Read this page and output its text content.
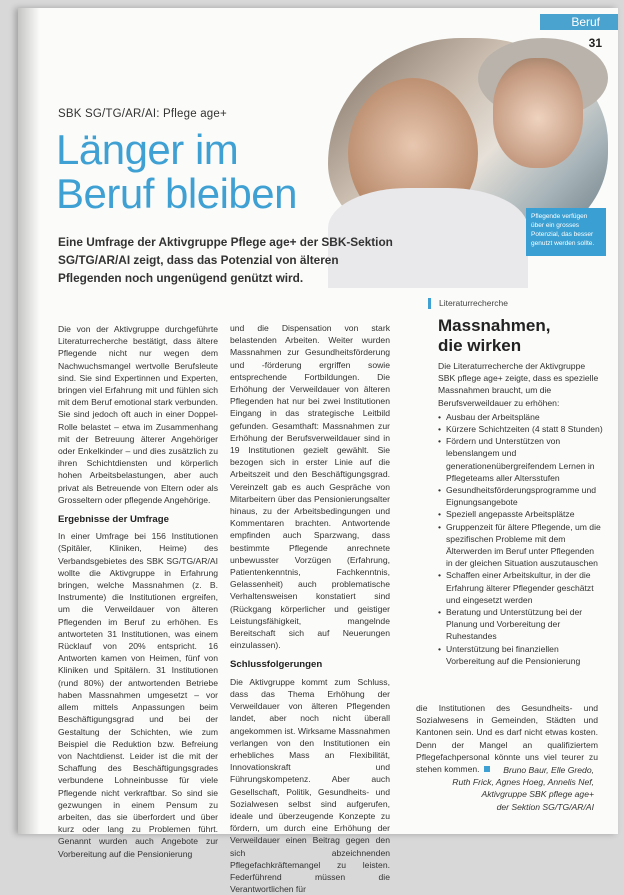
Beruf
31
Pflegende verfügen über ein grosses Potenzial, das besser genutzt werden sollte.
SBK SG/TG/AR/AI: Pflege age+
Länger im
Beruf bleiben

Eine Umfrage der Aktivgruppe Pflege age+ der SBK-Sektion SG/TG/AR/AI zeigt, dass das Potenzial von älteren Pflegenden noch ungenügend genützt wird.

Die von der Aktivgruppe durchgeführte Literaturrecherche bestätigt, dass ältere Pflegende nicht nur wegen dem Nachwuchsmangel wertvolle Berufsleute sind. Sie sind Expertinnen und Experten, bringen viel Erfahrung mit und fühlen sich mit dem Beruf emotional stark verbunden. Sie sind jedoch oft auch in einer Doppel-Rolle belastet – etwa im Zusammenhang mit der Betreuung älterer Angehöriger oder Enkelkinder – und dies zusätzlich zu ihren Schichtdiensten und körperlich hohen Arbeitsbelastungen, aber auch privat als Betreuende von Eltern oder als Grosseltern oder pflegende Angehörige.

Ergebnisse der Umfrage

In einer Umfrage bei 156 Institutionen (Spitäler, Kliniken, Heime) des Verbandsgebietes des SBK SG/TG/AR/AI wollte die Aktivgruppe in Erfahrung bringen, welche Massnahmen (z. B. Instrumente) die Institutionen ergreifen, um die Verweildauer von älteren Pflegenden im Beruf zu erhöhen. Es antworteten 31 Institutionen, was einem Rücklauf von 20% entspricht. 16 Antworten kamen von Heimen, fünf von Kliniken und Spitälern. 31 Institutionen (rund 80%) der antwortenden Betriebe haben Massnahmen umgesetzt – vor allem mittels Anpassungen beim Beschäftigungsgrad und bei der Gestaltung der Schichten, wie zum Beispiel die Reduktion bzw. Befreiung von Nachtdienst. Leider ist die mit der Schaffung des Beschäftigungsgrades verbundene Lohneinbusse für viele Pflegende nicht verkraftbar. So sind sie gezwungen in einem Pensum zu arbeiten, das sie überfordert und über kurz oder lang zu Problemen führt. Genannt wurden auch Angebote zur Vorbereitung auf die Pensionierung

und die Dispensation von stark belastenden Arbeiten. Weiter wurden Massnahmen zur Gesundheitsförderung und -förderung ergriffen sowie entsprechende Fortbildungen. Die Erhöhung der Verweildauer von älteren Pflegenden hat nur bei zwei Institutionen Eingang in das strategische Leitbild gefunden. Gesamthaft: Massnahmen zur Erhöhung der Berufsverweildauer sind in 19 Institutionen gezielt gewählt. Sie bezogen sich in erster Linie auf die Arbeitszeit und den Beschäftigungsgrad. Vereinzelt gab es auch Gespräche von Mitarbeitern über das Pensionierungsalter hinaus, zu der Arbeitsbedingungen und Kommentaren brachten. Antwortende empfinden auch Sparzwang, dass bestimmte Pflegende anrechnete unbewusster Vorzügen (Erfahrung, Patientenkenntnis, Fachkenntnis, Gelassenheit) auch problematische Verhaltensweisen konstatiert sind (Rückgang körperlicher und geistiger Leistungsfähigkeit, mangelnde Bereitschaft sich auf Neuerungen einzulassen).

Schlussfolgerungen

Die Aktivgruppe kommt zum Schluss, dass das Thema Erhöhung der Verweildauer von älteren Pflegenden landet, aber noch nicht überall angekommen ist. Wirksame Massnahmen verlangen von den Institutionen ein erhebliches Mass an Flexibilität, Innovationskraft und Führungskompetenz. Aber auch Gesellschaft, Politik, Gesundheits- und Sozialwesen selbst sind aufgerufen, ideale und überzeugende Konzepte zu fördern, um durch eine Erhöhung der Verweildauer einen Beitrag gegen den sich abzeichnenden Pflegefachkräftemangel zu leisten. Federführend müssen die Verantwortlichen für

Literaturrecherche
Massnahmen,
die wirken
Die Literaturrecherche der Aktivgruppe SBK pflege age+ zeigte, dass es spezielle Massnahmen braucht, um die Berufsverweildauer zu erhöhen:
• Ausbau der Arbeitspläne
• Kürzere Schichtzeiten (4 statt 8 Stunden)
• Fördern und Unterstützen von lebenslangem und generationenübergreifendem Lernen in Pflegeteams aller Altersstufen
• Gesundheitsförderungsprogramme und Eignungsangebote
• Speziell angepasste Arbeitsplätze
• Gruppenzeit für ältere Pflegende, um die spezifischen Probleme mit dem Älterwerden im Beruf unter Pflegenden in der gleichen Situation auszutauschen
• Schaffen einer Arbeitskultur, in der die Erfahrung älterer Pflegender geschätzt und eingesetzt werden
• Beratung und Unterstützung bei der Planung und Vorbereitung der Ruhestandes
• Unterstützung bei finanziellen Vorbereitung auf die Pensionierung
die Institutionen des Gesundheits- und Sozialwesens in Gemeinden, Städten und Kantonen sein. Und es darf nicht etwas kosten. Denn der Mangel an qualifiziertem Pflegefachpersonal könnte uns viel teurer zu stehen kommen.	Bruno Baur, Elle Gredo,
Ruth Frick, Agnes Hoeg, Annelis Nef,
Aktivgruppe SBK pflege age+
der Sektion SG/TG/AR/AI
